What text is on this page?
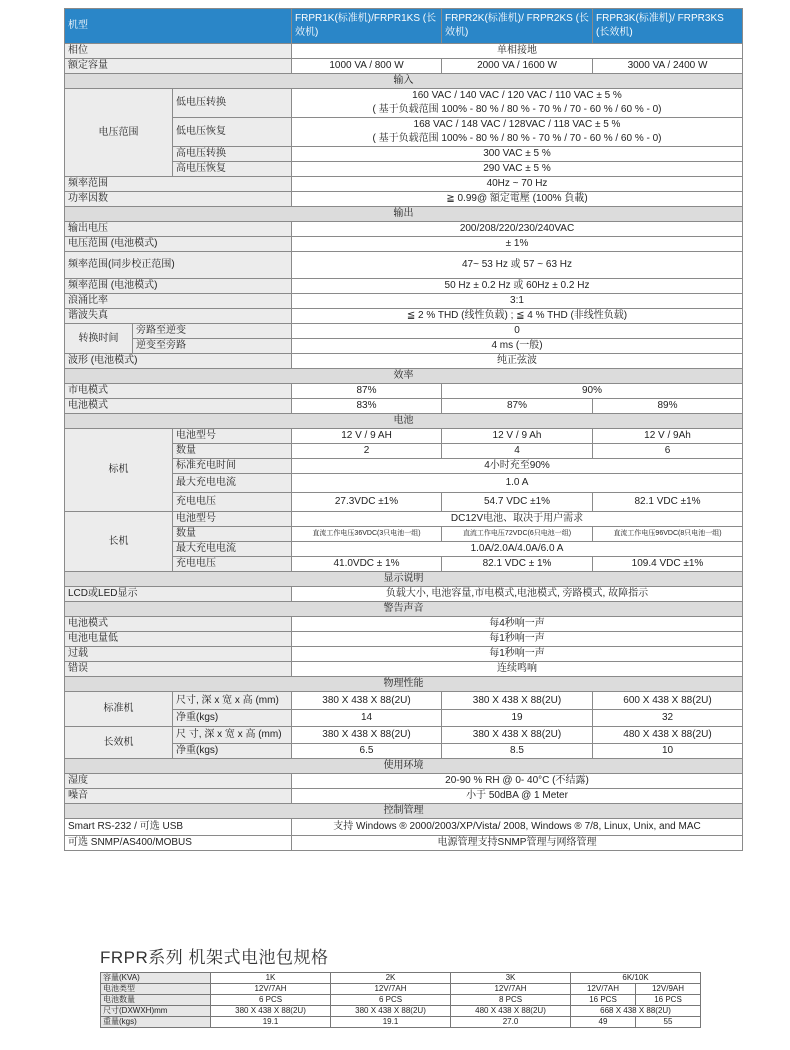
机型			FRPR1K(标准机)/FRPR1KS (长效机)	FRPR2K(标准机)/ FRPR2KS (长效机)	FRPR3K(标准机)/ FRPR3KS (长效机)
相位			单相接地		
额定容量			1000 VA / 800 W	2000 VA / 1600 W	3000 VA / 2400 W
输入					
电压范围		低电压转换	160 VAC / 140 VAC / 120 VAC / 110 VAC ± 5 %
( 基于负载范围 100% - 80 % / 80 % - 70 % / 70 - 60 % / 60 % - 0)		

		低电压恢复	168 VAC / 148 VAC / 128VAC / 118 VAC ± 5 %
( 基于负载范围 100% - 80 % / 80 % - 70 % / 70 - 60 % / 60 % - 0)		

		高电压转换	300 VAC ± 5 %		
		高电压恢复	290 VAC ± 5 %		
频率范围			40Hz ~ 70 Hz		
功率因数			≧ 0.99@ 額定電壓 (100% 負載)		
输出					
输出电压			200/208/220/230/240VAC		
电压范围 (电池模式)			± 1%		
频率范围(同步校正范围)			47~ 53 Hz 或 57 ~ 63 Hz		
频率范围 (电池模式)			50 Hz ± 0.2 Hz 或 60Hz ± 0.2 Hz		
浪涌比率			3:1		
谐波失真			≦ 2 % THD (线性负载) ; ≦ 4 % THD (非线性负载)		
转换时间	旁路至逆变		0		
	逆变至旁路		4 ms (一般)		
波形 (电池模式)			纯正弦波		
效率					
市电模式			87%	90%	
电池模式			83%	87%	89%
电池					
标机		电池型号	12 V / 9 AH	12 V / 9 Ah	12 V / 9Ah
		数量	2	4	6
		标准充电时间	4小时充至90%		
		最大充电电流	1.0 A		
		充电电压	27.3VDC ±1%	54.7 VDC ±1%	82.1 VDC ±1%
长机		电池型号	DC12V电池、取决于用户需求		
		数量	直流工作电压36VDC(3只电池一组)	直流工作电压72VDC(6只电池一组)	直流工作电压96VDC(8只电池一组)
		最大充电电流	1.0A/2.0A/4.0A/6.0 A		
		充电电压	41.0VDC ± 1%	82.1 VDC ± 1%	109.4 VDC ±1%
显示说明					
LCD或LED显示			负载大小, 电池容量,市电模式,电池模式, 旁路模式, 故障指示		
警告声音					
电池模式			每4秒响一声		
电池电量低			每1秒响一声		
过载			每1秒响一声		
错误			连续鸣响		
物理性能					
标准机		尺寸, 深 x 宽 x 高 (mm)	380 X 438 X 88(2U)	380 X 438 X 88(2U)	600 X 438 X 88(2U)
		净重(kgs)	14	19	32
长效机		尺 寸, 深 x 宽 x 高 (mm)	380 X 438 X 88(2U)	380 X 438 X 88(2U)	480 X 438 X 88(2U)
		净重(kgs)	6.5	8.5	10
使用环境					
湿度			20-90 % RH @ 0- 40°C (不结露)		
噪音			小于 50dBA @ 1 Meter		
控制管理					
Smart RS-232 / 可选 USB			支持 Windows ® 2000/2003/XP/Vista/ 2008, Windows ® 7/8, Linux, Unix, and MAC		
可选 SNMP/AS400/MOBUS			电源管理支持SNMP管理与网络管理		
FRPR系列 机架式电池包规格
容量(KVA)	1K	2K	3K	6K/10K	
电池类型	12V/7AH	12V/7AH	12V/7AH	12V/7AH	12V/9AH
电池数量	6 PCS	6 PCS	8 PCS	16 PCS	16 PCS
尺寸(DXWXH)mm	380 X 438 X 88(2U)	380 X 438 X 88(2U)	480 X 438 X 88(2U)	668 X 438 X 88(2U)	
重量(kgs)	19.1	19.1	27.0	49	55
